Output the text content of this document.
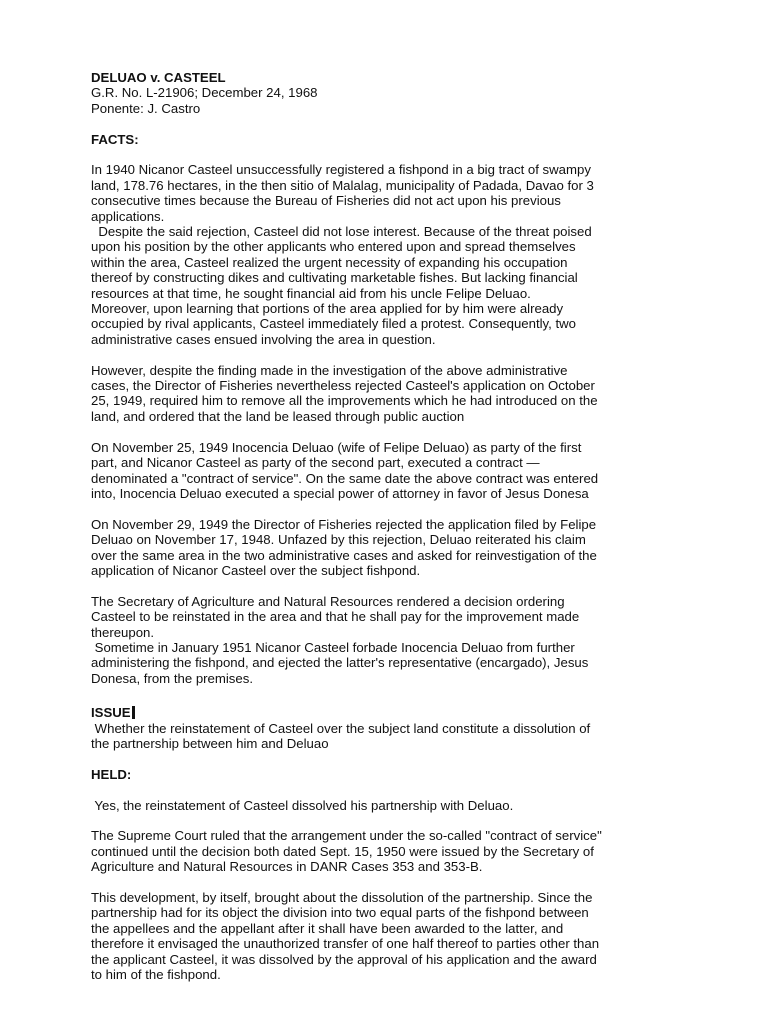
DELUAO v. CASTEEL
G.R. No. L-21906; December 24, 1968
Ponente: J. Castro
FACTS:
In 1940 Nicanor Casteel unsuccessfully registered a fishpond in a big tract of swampy
land, 178.76 hectares, in the then sitio of Malalag, municipality of Padada, Davao for 3
consecutive times because the Bureau of Fisheries did not act upon his previous
applications.
Despite the said rejection, Casteel did not lose interest. Because of the threat poised
upon his position by the other applicants who entered upon and spread themselves
within the area, Casteel realized the urgent necessity of expanding his occupation
thereof by constructing dikes and cultivating marketable fishes. But lacking financial
resources at that time, he sought financial aid from his uncle Felipe Deluao.
Moreover, upon learning that portions of the area applied for by him were already
occupied by rival applicants, Casteel immediately filed a protest. Consequently, two
administrative cases ensued involving the area in question.
However, despite the finding made in the investigation of the above administrative
cases, the Director of Fisheries nevertheless rejected Casteel's application on October
25, 1949, required him to remove all the improvements which he had introduced on the
land, and ordered that the land be leased through public auction
On November 25, 1949 Inocencia Deluao (wife of Felipe Deluao) as party of the first
part, and Nicanor Casteel as party of the second part, executed a contract —
denominated a "contract of service". On the same date the above contract was entered
into, Inocencia Deluao executed a special power of attorney in favor of Jesus Donesa
On November 29, 1949 the Director of Fisheries rejected the application filed by Felipe
Deluao on November 17, 1948. Unfazed by this rejection, Deluao reiterated his claim
over the same area in the two administrative cases and asked for reinvestigation of the
application of Nicanor Casteel over the subject fishpond.
The Secretary of Agriculture and Natural Resources rendered a decision ordering
Casteel to be reinstated in the area and that he shall pay for the improvement made
thereupon.
Sometime in January 1951 Nicanor Casteel forbade Inocencia Deluao from further
administering the fishpond, and ejected the latter's representative (encargado), Jesus
Donesa, from the premises.
ISSUE
Whether the reinstatement of Casteel over the subject land constitute a dissolution of
the partnership between him and Deluao
HELD:
Yes, the reinstatement of Casteel dissolved his partnership with Deluao.
The Supreme Court ruled that the arrangement under the so-called "contract of service"
continued until the decision both dated Sept. 15, 1950 were issued by the Secretary of
Agriculture and Natural Resources in DANR Cases 353 and 353-B.
This development, by itself, brought about the dissolution of the partnership. Since the
partnership had for its object the division into two equal parts of the fishpond between
the appellees and the appellant after it shall have been awarded to the latter, and
therefore it envisaged the unauthorized transfer of one half thereof to parties other than
the applicant Casteel, it was dissolved by the approval of his application and the award
to him of the fishpond.
